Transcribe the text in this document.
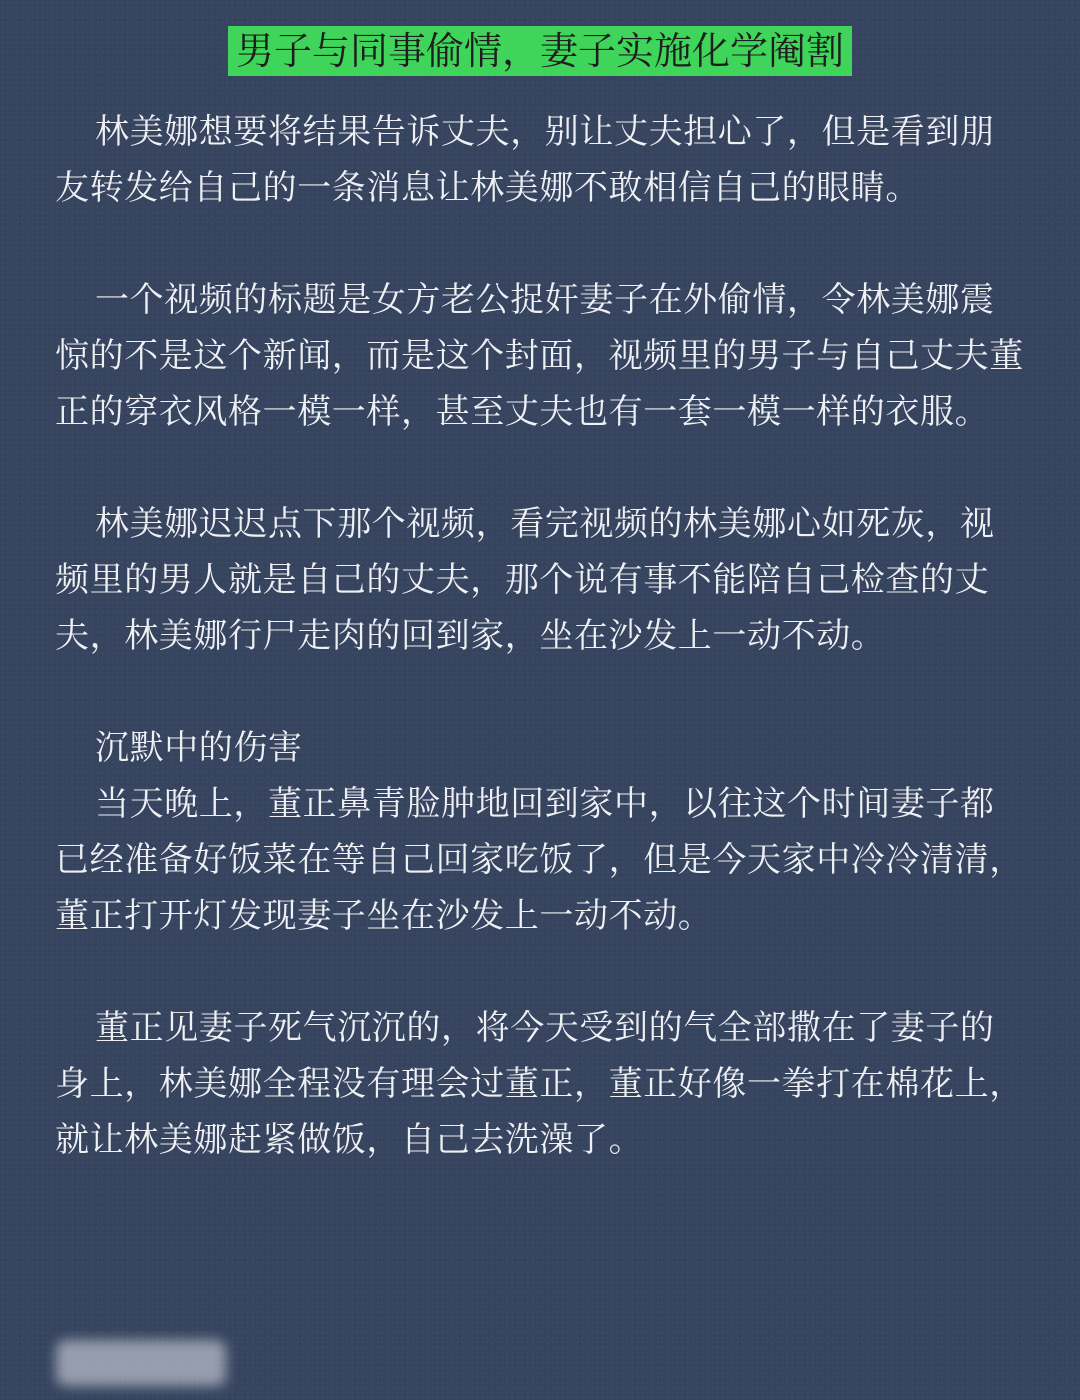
男子与同事偷情，妻子实施化学阉割

林美娜想要将结果告诉丈夫，别让丈夫担心了，但是看到朋友转发给自己的一条消息让林美娜不敢相信自己的眼睛。

一个视频的标题是女方老公捉奸妻子在外偷情，令林美娜震惊的不是这个新闻，而是这个封面，视频里的男子与自己丈夫董正的穿衣风格一模一样，甚至丈夫也有一套一模一样的衣服。

林美娜迟迟点下那个视频，看完视频的林美娜心如死灰，视频里的男人就是自己的丈夫，那个说有事不能陪自己检查的丈夫，林美娜行尸走肉的回到家，坐在沙发上一动不动。

沉默中的伤害

当天晚上，董正鼻青脸肿地回到家中，以往这个时间妻子都已经准备好饭菜在等自己回家吃饭了，但是今天家中冷冷清清，董正打开灯发现妻子坐在沙发上一动不动。

董正见妻子死气沉沉的，将今天受到的气全部撒在了妻子的身上，林美娜全程没有理会过董正，董正好像一拳打在棉花上，就让林美娜赶紧做饭，自己去洗澡了。
